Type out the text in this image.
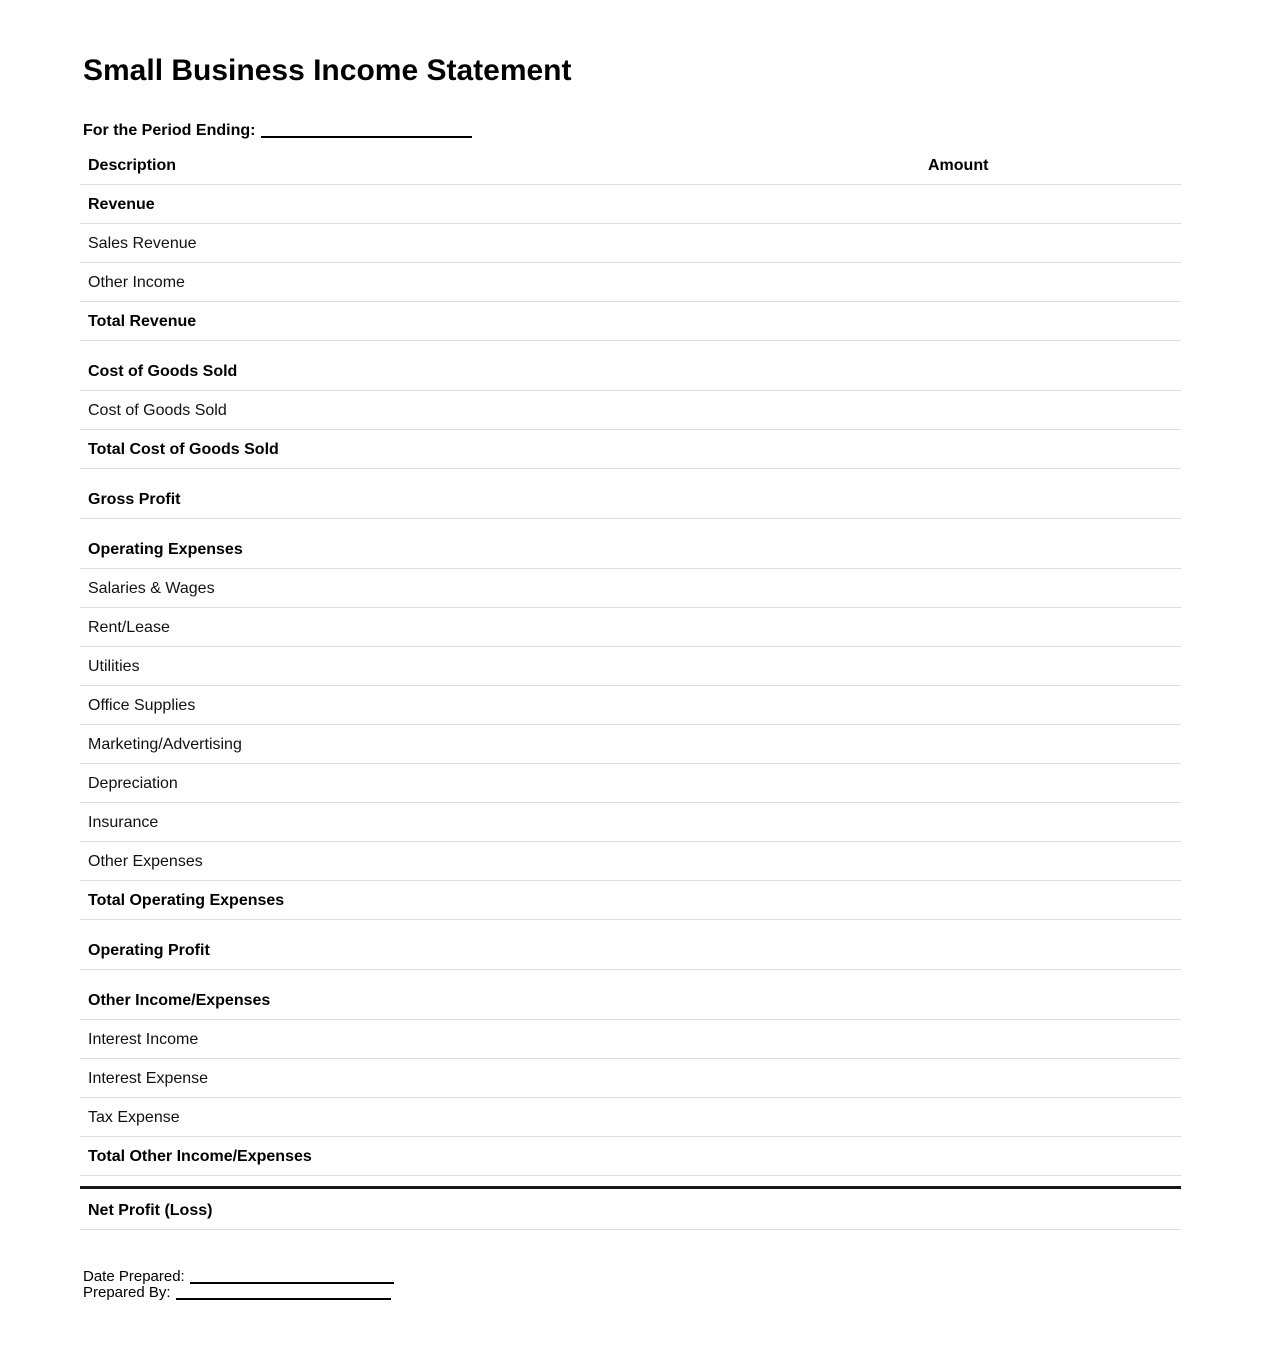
Small Business Income Statement
For the Period Ending:
Description	Amount
Revenue
Sales Revenue
Other Income
Total Revenue
Cost of Goods Sold
Cost of Goods Sold
Total Cost of Goods Sold
Gross Profit
Operating Expenses
Salaries & Wages
Rent/Lease
Utilities
Office Supplies
Marketing/Advertising
Depreciation
Insurance
Other Expenses
Total Operating Expenses
Operating Profit
Other Income/Expenses
Interest Income
Interest Expense
Tax Expense
Total Other Income/Expenses
Net Profit (Loss)
Date Prepared:
Prepared By:
